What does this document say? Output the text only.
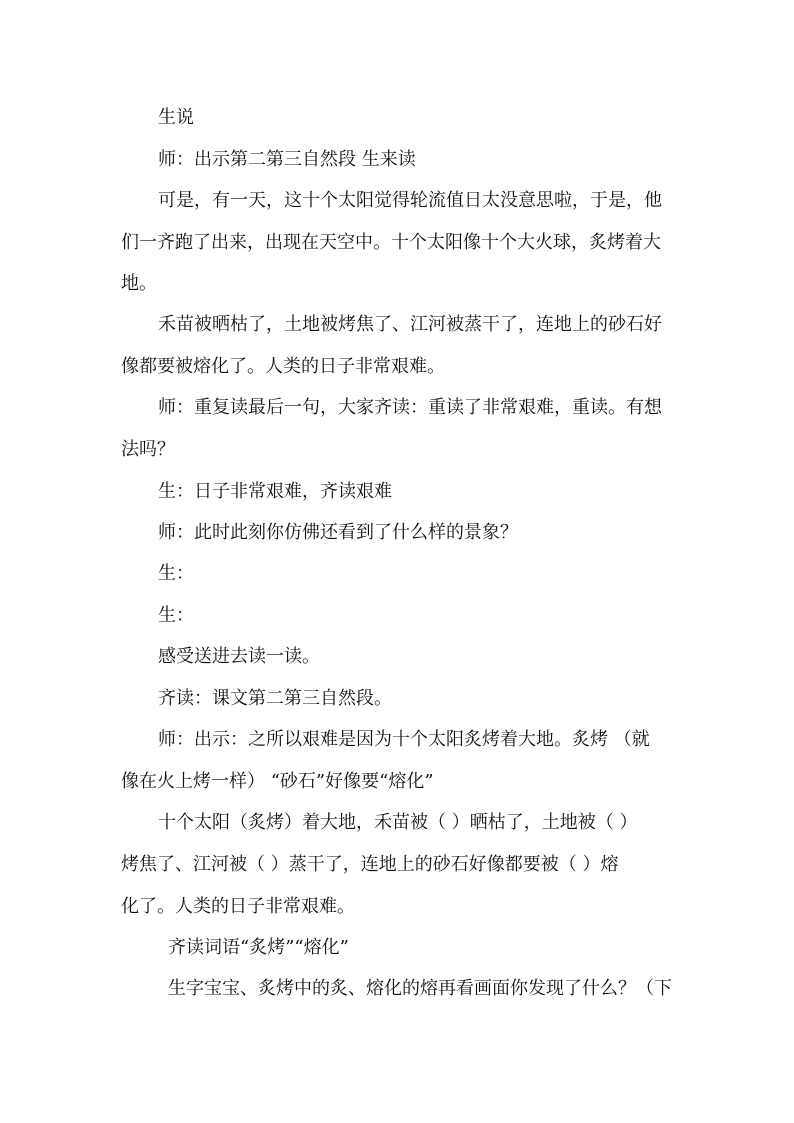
生说
师：出示第二第三自然段 生来读
可是，有一天，这十个太阳觉得轮流值日太没意思啦，于是，他
们一齐跑了出来，出现在天空中。十个太阳像十个大火球，炙烤着大
地。
禾苗被晒枯了，土地被烤焦了、江河被蒸干了，连地上的砂石好
像都要被熔化了。人类的日子非常艰难。
师：重复读最后一句，大家齐读：重读了非常艰难，重读。有想
法吗？
生：日子非常艰难，齐读艰难
师：此时此刻你仿佛还看到了什么样的景象？
生：
生：
感受送进去读一读。
齐读：课文第二第三自然段。
师：出示：之所以艰难是因为十个太阳炙烤着大地。炙烤 （就
像在火上烤一样） “砂石”好像要“熔化”
十个太阳（炙烤）着大地，禾苗被（ ）晒枯了，土地被（ ）
烤焦了、江河被（ ）蒸干了，连地上的砂石好像都要被（ ）熔
化了。人类的日子非常艰难。
齐读词语“炙烤”“熔化”
生字宝宝、炙烤中的炙、熔化的熔再看画面你发现了什么？（下
